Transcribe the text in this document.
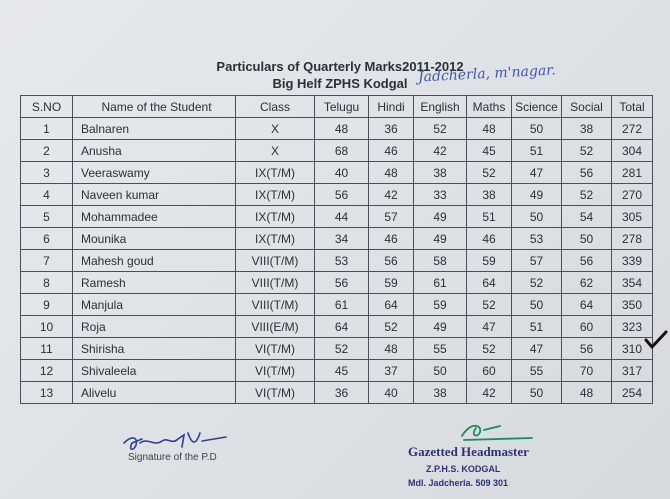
Particulars of Quarterly Marks2011-2012
Big Helf ZPHS Kodgal Jadcherla, m'nagar.
S.NO	Name of the Student	Class	Telugu	Hindi	English	Maths	Science	Social	Total
1	Balnaren	X	48	36	52	48	50	38	272
2	Anusha	X	68	46	42	45	51	52	304
3	Veeraswamy	IX(T/M)	40	48	38	52	47	56	281
4	Naveen kumar	IX(T/M)	56	42	33	38	49	52	270
5	Mohammadee	IX(T/M)	44	57	49	51	50	54	305
6	Mounika	IX(T/M)	34	46	49	46	53	50	278
7	Mahesh goud	VIII(T/M)	53	56	58	59	57	56	339
8	Ramesh	VIII(T/M)	56	59	61	64	52	62	354
9	Manjula	VIII(T/M)	61	64	59	52	50	64	350
10	Roja	VIII(E/M)	64	52	49	47	51	60	323
11	Shirisha	VI(T/M)	52	48	55	52	47	56	310
12	Shivaleela	VI(T/M)	45	37	50	60	55	70	317
13	Alivelu	VI(T/M)	36	40	38	42	50	48	254
Signature of the P.D	Gazetted Headmaster
Z.P.H.S. KODGAL
Mdl. Jadcherla. 509 301
